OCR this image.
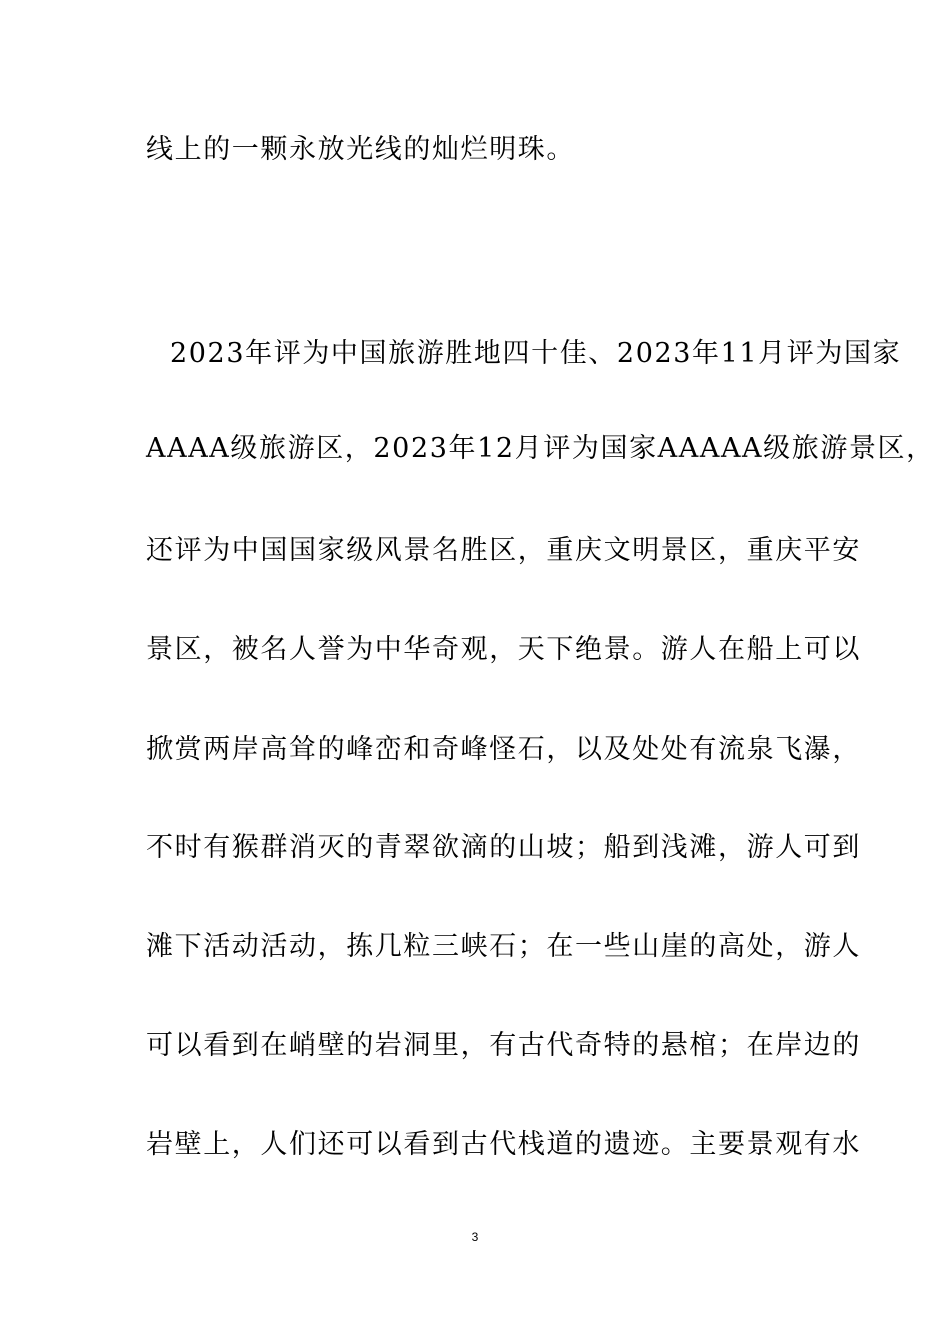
线上的一颗永放光线的灿烂明珠。
2023年评为中国旅游胜地四十佳、2023年11月评为国家
AAAA级旅游区，2023年12月评为国家AAAAA级旅游景区，
还评为中国国家级风景名胜区，重庆文明景区，重庆平安
景区，被名人誉为中华奇观，天下绝景。游人在船上可以
掀赏两岸高耸的峰峦和奇峰怪石，以及处处有流泉飞瀑，
不时有猴群消灭的青翠欲滴的山坡；船到浅滩，游人可到
滩下活动活动，拣几粒三峡石；在一些山崖的高处，游人
可以看到在峭壁的岩洞里，有古代奇特的悬棺；在岸边的
岩壁上，人们还可以看到古代栈道的遗迹。主要景观有水
3
